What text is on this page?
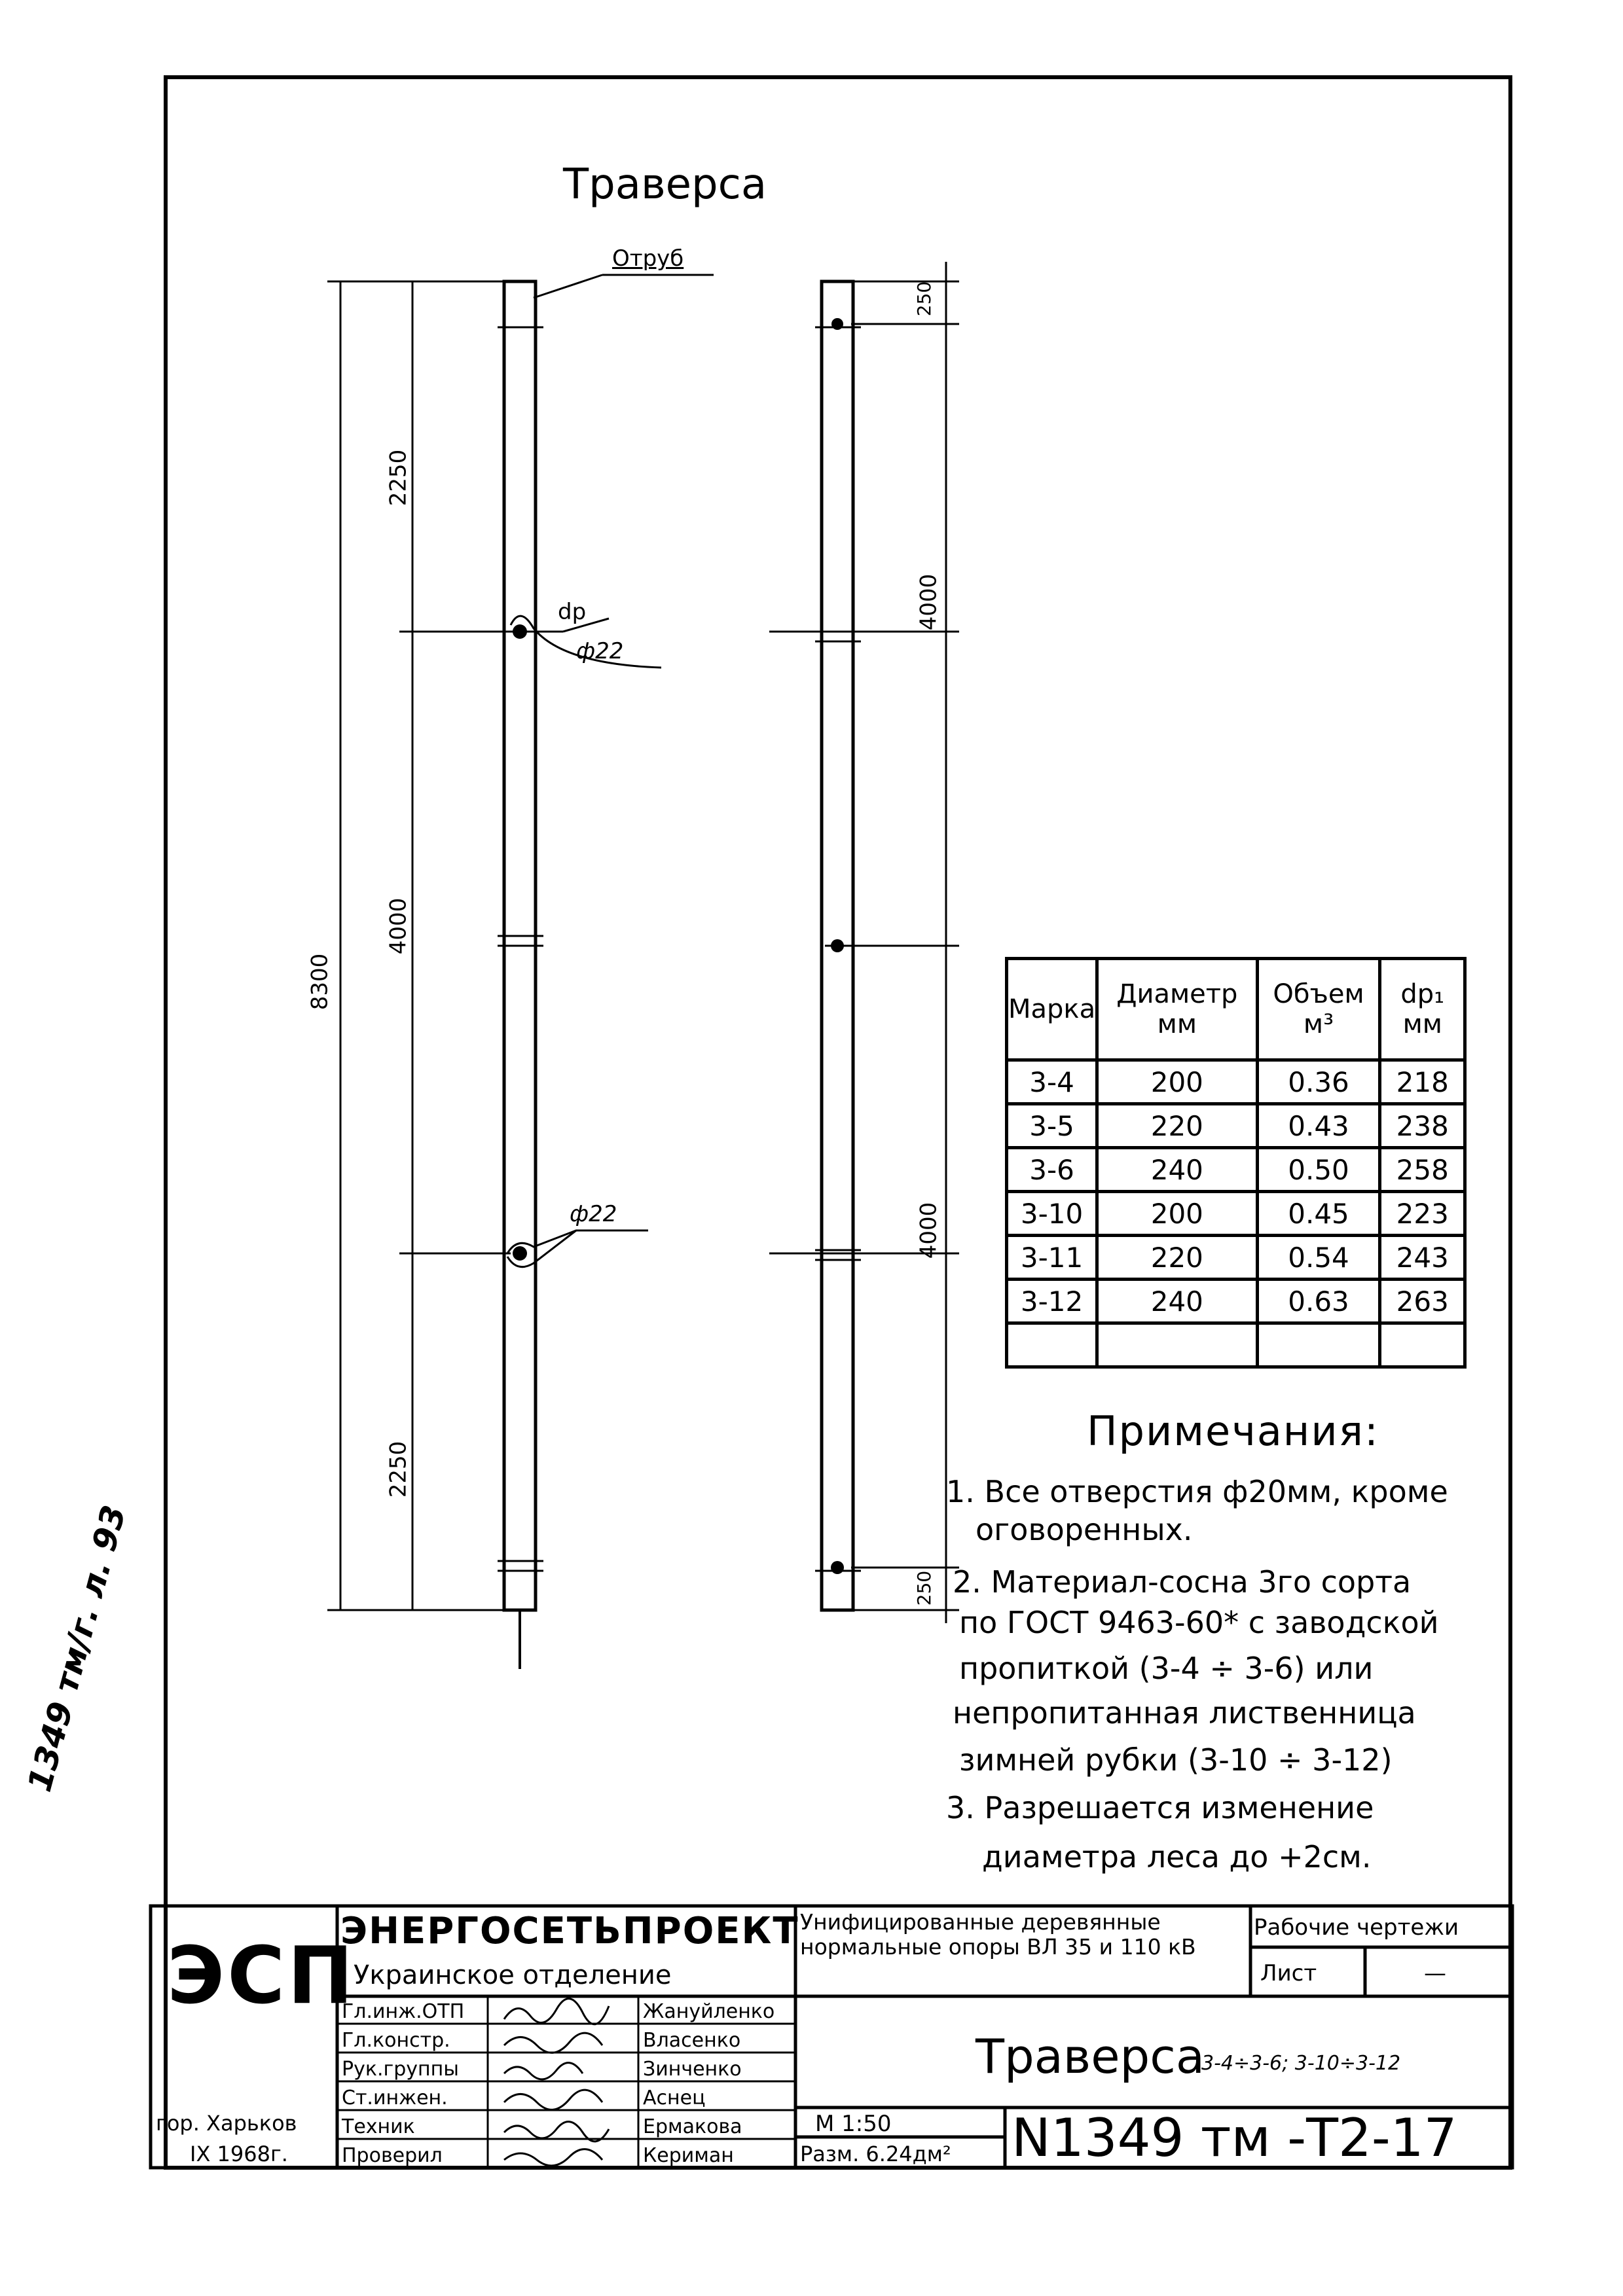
Траверса
Отруб
8300
2250
4000
2250
dp
ф22
ф22
250
4000
4000
250
Марка	Диаметр мм	Объем м³	dp₁ мм
3-4	200	0.36	218
3-5	220	0.43	238
3-6	240	0.50	258
3-10	200	0.45	223
3-11	220	0.54	243
3-12	240	0.63	263

Примечания:
1. Все отверстия ф20мм, кроме
оговоренных.
2. Материал-сосна 3го сорта
по ГОСТ 9463-60* с заводской
пропиткой (3-4 ÷ 3-6) или
непропитанная лиственница
зимней рубки (3-10 ÷ 3-12)
3. Разрешается изменение
диаметра леса до +2см.
1349 тм/г. л. 93
ЭСП
ЭНЕРГОСЕТЬПРОЕКТ
Украинское отделение
Унифицированные деревянные нормальные опоры ВЛ 35 и 110 кВ
Рабочие чертежи
Лист	—
Траверса
3-4÷3-6; 3-10÷3-12
М 1:50
Разм. 6.24дм² N1349 тм -Т2-17
гор. Харьков
IX 1968г.
Гл.инж.ОТП	Жануйленко
Гл.констр.	Власенко
Рук.группы	Зинченко
Ст.инжен.	Аснец
Техник	Ермакова
Проверил	Кериман
